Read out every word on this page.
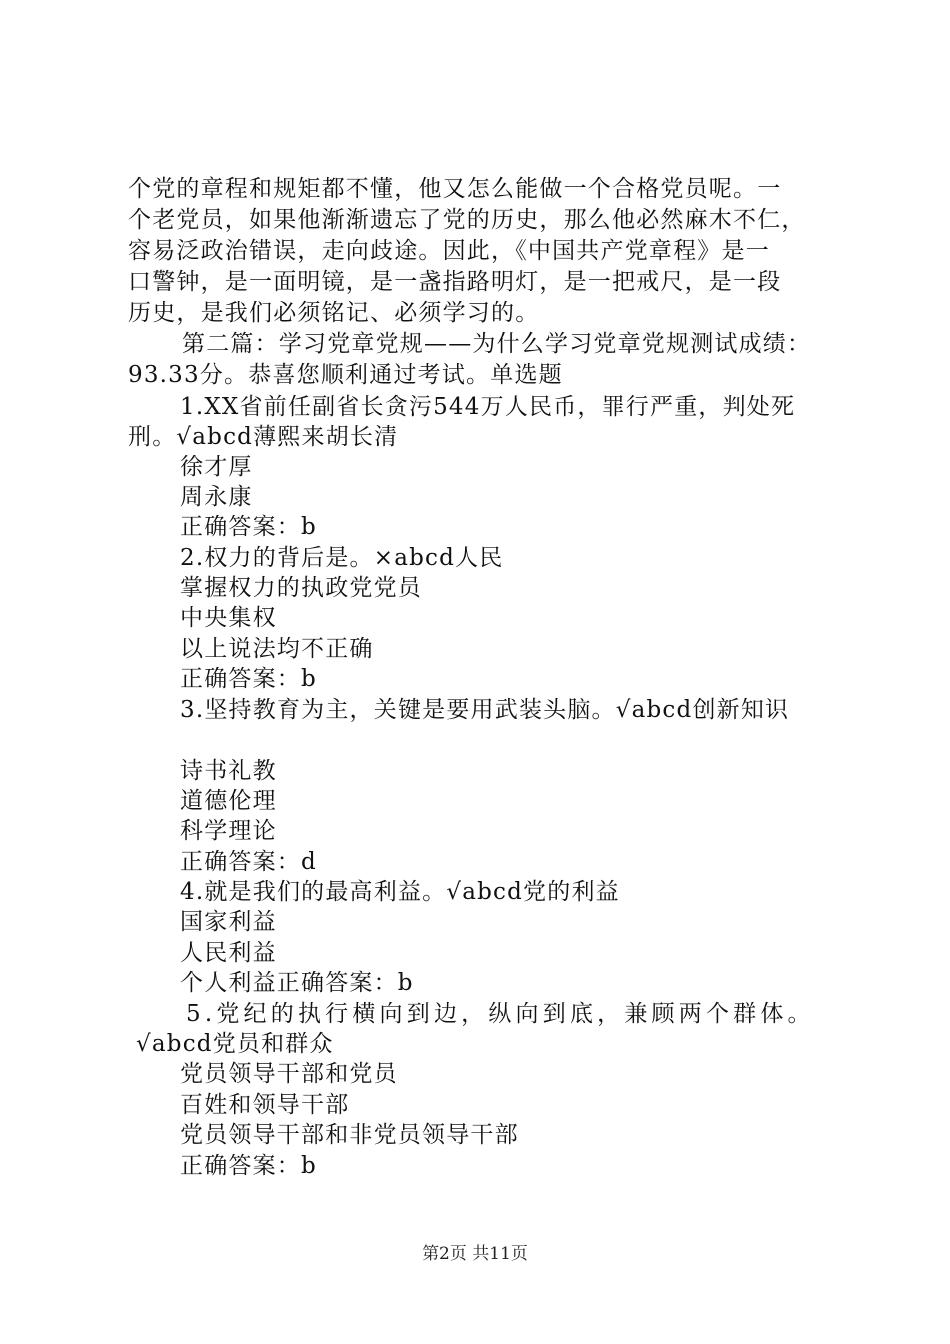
个党的章程和规矩都不懂，他又怎么能做一个合格党员呢。一
个老党员，如果他渐渐遗忘了党的历史，那么他必然麻木不仁，
容易泛政治错误，走向歧途。因此，《中国共产党章程》是一
口警钟，是一面明镜，是一盏指路明灯，是一把戒尺，是一段
历史，是我们必须铭记、必须学习的。
第二篇：学习党章党规——为什么学习党章党规测试成绩：
93.33分。恭喜您顺利通过考试。单选题
1.XX省前任副省长贪污544万人民币，罪行严重，判处死
刑。√abcd薄熙来胡长清
徐才厚
周永康
正确答案：b
2.权力的背后是。×abcd人民
掌握权力的执政党党员
中央集权
以上说法均不正确
正确答案：b
3.坚持教育为主，关键是要用武装头脑。√abcd创新知识
诗书礼教
道德伦理
科学理论
正确答案：d
4.就是我们的最高利益。√abcd党的利益
国家利益
人民利益
个人利益正确答案：b
5.党纪的执行横向到边，纵向到底，兼顾两个群体。
√abcd党员和群众
党员领导干部和党员
百姓和领导干部
党员领导干部和非党员领导干部
正确答案：b
第2页 共11页
